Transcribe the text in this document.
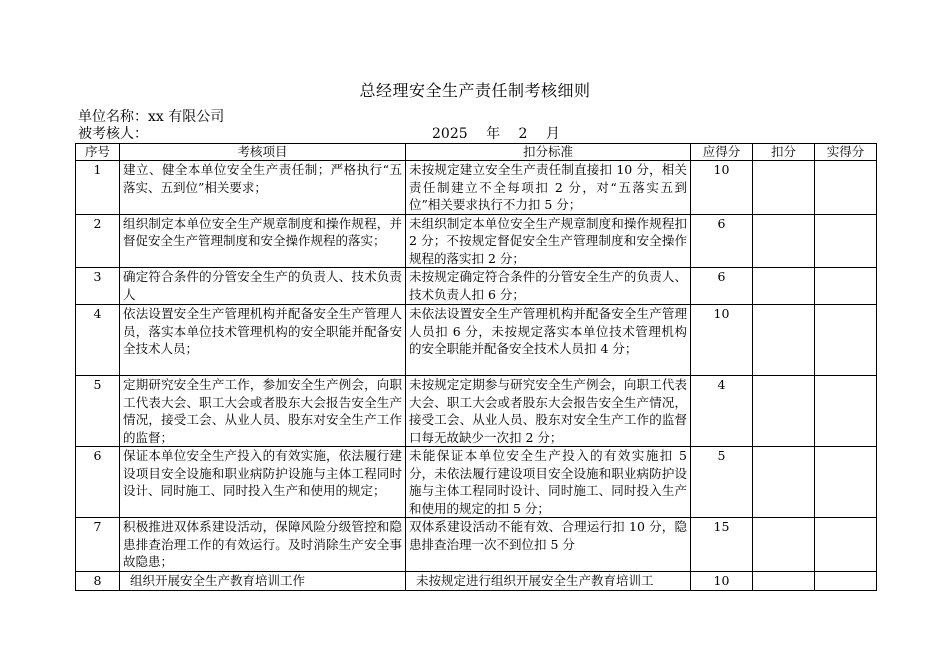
总经理安全生产责任制考核细则
单位名称：xx 有限公司
被考核人：	2025 年 2 月
序号	考核项目	扣分标准	应得分	扣分	实得分
1	建立、健全本单位安全生产责任制；严格执行“五落实、五到位”相关要求；	未按规定建立安全生产责任制直接扣 10 分，相关责任制建立不全每项扣 2 分，对“五落实五到位”相关要求执行不力扣 5 分；	10		
2	组织制定本单位安全生产规章制度和操作规程，并督促安全生产管理制度和安全操作规程的落实；	未组织制定本单位安全生产规章制度和操作规程扣 2 分；不按规定督促安全生产管理制度和安全操作规程的落实扣 2 分；	6		
3	确定符合条件的分管安全生产的负责人、技术负责人	未按规定确定符合条件的分管安全生产的负责人、技术负责人扣 6 分；	6		
4	依法设置安全生产管理机构并配备安全生产管理人员，落实本单位技术管理机构的安全职能并配备安全技术人员；	未依法设置安全生产管理机构并配备安全生产管理人员扣 6 分，未按规定落实本单位技术管理机构的安全职能并配备安全技术人员扣 4 分；	10		
5	定期研究安全生产工作，参加安全生产例会，向职工代表大会、职工大会或者股东大会报告安全生产情况，接受工会、从业人员、股东对安全生产工作的监督；	未按规定定期参与研究安全生产例会，向职工代表大会、职工大会或者股东大会报告安全生产情况，接受工会、从业人员、股东对安全生产工作的监督口每无故缺少一次扣 2 分；	4		
6	保证本单位安全生产投入的有效实施，依法履行建设项目安全设施和职业病防护设施与主体工程同时设计、同时施工、同时投入生产和使用的规定；	未能保证本单位安全生产投入的有效实施扣 5 分，未依法履行建设项目安全设施和职业病防护设施与主体工程同时设计、同时施工、同时投入生产和使用的规定的扣 5 分；	5		
7	积极推进双体系建设活动，保障风险分级管控和隐患排查治理工作的有效运行。及时消除生产安全事故隐患；	双体系建设活动不能有效、合理运行扣 10 分，隐患排查治理一次不到位扣 5 分	15		
8	组织开展安全生产教育培训工作	未按规定进行组织开展安全生产教育培训工	10		
